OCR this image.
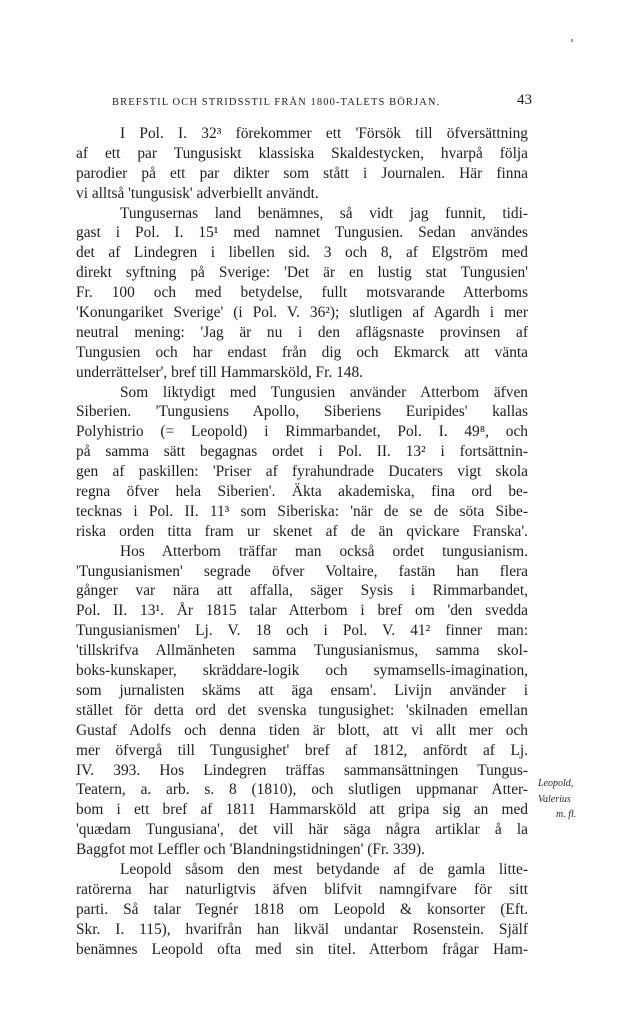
BREFSTIL OCH STRIDSSTIL FRÅN 1800-TALETS BÖRJAN.	43
I Pol. I. 32³ förekommer ett 'Försök till öfversättning
af ett par Tungusiskt klassiska Skaldestycken, hvarpå följa
parodier på ett par dikter som stått i Journalen. Här finna
vi alltså 'tungusisk' adverbiellt användt.
Tungusernas land benämnes, så vidt jag funnit, tidi-
gast i Pol. I. 15¹ med namnet Tungusien. Sedan användes
det af Lindegren i libellen sid. 3 och 8, af Elgström med
direkt syftning på Sverige: 'Det är en lustig stat Tungusien'
Fr. 100 och med betydelse, fullt motsvarande Atterboms
'Konungariket Sverige' (i Pol. V. 36²); slutligen af Agardh i mer
neutral mening: 'Jag är nu i den aflägsnaste provinsen af
Tungusien och har endast från dig och Ekmarck att vänta
underrättelser', bref till Hammarsköld, Fr. 148.
Som liktydigt med Tungusien använder Atterbom äfven
Siberien. 'Tungusiens Apollo, Siberiens Euripides' kallas
Polyhistrio (= Leopold) i Rimmarbandet, Pol. I. 49⁸, och
på samma sätt begagnas ordet i Pol. II. 13² i fortsättnin-
gen af paskillen: 'Priser af fyrahundrade Ducaters vigt skola
regna öfver hela Siberien'. Äkta akademiska, fina ord be-
tecknas i Pol. II. 11³ som Siberiska: 'när de se de söta Sibe-
riska orden titta fram ur skenet af de än qvickare Franska'.
Hos Atterbom träffar man också ordet tungusianism.
'Tungusianismen' segrade öfver Voltaire, fastän han flera
gånger var nära att affalla, säger Sysis i Rimmarbandet,
Pol. II. 13¹. År 1815 talar Atterbom i bref om 'den svedda
Tungusianismen' Lj. V. 18 och i Pol. V. 41² finner man:
'tillskrifva Allmänheten samma Tungusianismus, samma skol-
boks-kunskaper, skräddare-logik och symamsells-imagination,
som jurnalisten skäms att äga ensam'. Livijn använder i
stället för detta ord det svenska tungusighet: 'skilnaden emellan
Gustaf Adolfs och denna tiden är blott, att vi allt mer och
mer öfvergå till Tungusighet' bref af 1812, anfördt af Lj.
IV. 393. Hos Lindegren träffas sammansättningen Tungus-
Teatern, a. arb. s. 8 (1810), och slutligen uppmanar Atter-
bom i ett bref af 1811 Hammarsköld att gripa sig an med
'quædam Tungusiana', det vill här säga några artiklar å la
Baggfot mot Leffler och 'Blandningstidningen' (Fr. 339).
Leopold såsom den mest betydande af de gamla litte-
ratörerna har naturligtvis äfven blifvit namngifvare för sitt
parti. Så talar Tegnér 1818 om Leopold & konsorter (Eft.
Skr. I. 115), hvarifrån han likväl undantar Rosenstein. Själf
benämnes Leopold ofta med sin titel. Atterbom frågar Ham-
Leopold,
Valerius
m. fl.
